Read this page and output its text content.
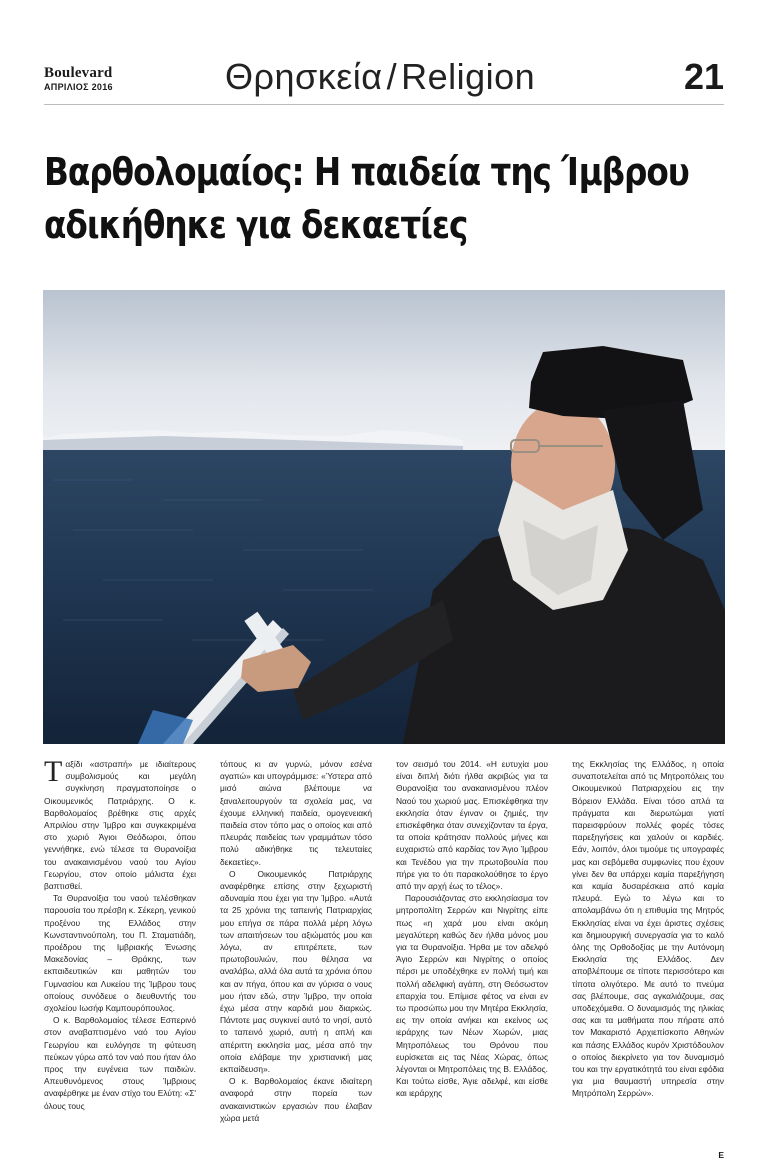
Boulevard
ΑΠΡΙΛΙΟΣ 2016	Θρησκεία / Religion	21
Βαρθολομαίος: Η παιδεία της Ίμβρου
αδικήθηκε για δεκαετίες

Ταξίδι «αστραπή» με ιδιαίτερους συμβολισμούς και μεγάλη συγκίνηση πραγματοποίησε ο Οικουμενικός Πατριάρχης. Ο κ. Βαρθολομαίος βρέθηκε στις αρχές Απριλίου στην Ίμβρο και συγκεκριμένα στο χωριό Άγιοι Θεόδωροι, όπου γεννήθηκε, ενώ τέλεσε τα Θυρανοίξια του ανακαινισμένου ναού του Αγίου Γεωργίου, στον οποίο μάλιστα έχει βαπτισθεί.

Τα Θυρανοίξια του ναού τελέσθηκαν παρουσία του πρέσβη κ. Σέκερη, γενικού προξένου της Ελλάδος στην Κωνσταντινούπολη, του Π. Σταματιάδη, προέδρου της Ιμβριακής Ένωσης Μακεδονίας – Θράκης, των εκπαιδευτικών και μαθητών του Γυμνασίου και Λυκείου της Ίμβρου τους οποίους συνόδευε ο διευθυντής του σχολείου Ιωσήφ Καμπουρόπουλος.

Ο κ. Βαρθολομαίος τέλεσε Εσπερινό στον αναβαπτισμένο ναό του Αγίου Γεωργίου και ευλόγησε τη φύτευση πεύκων γύρω από τον ναό που ήταν όλο προς την ευγένεια των παιδιών. Απευθυνόμενος στους Ίμβριους αναφέρθηκε με έναν στίχο του Ελύτη: «Σ' όλους τους

τόπους κι αν γυρνώ, μόνον εσένα αγαπώ» και υπογράμμισε: «Ύστερα από μισό αιώνα βλέπουμε να ξαναλειτουργούν τα σχολεία μας, να έχουμε ελληνική παιδεία, ομογενειακή παιδεία στον τόπο μας ο οποίος και από πλευράς παιδείας των γραμμάτων τόσο πολύ αδικήθηκε τις τελευταίες δεκαετίες».

Ο Οικουμενικός Πατριάρχης αναφέρθηκε επίσης στην ξεχωριστή αδυναμία που έχει για την Ίμβρο. «Αυτά τα 25 χρόνια της ταπεινής Πατριαρχίας μου επήγα σε πάρα πολλά μέρη λόγω των απαιτήσεων του αξιώματός μου και λόγω, αν επιτρέπετε, των πρωτοβουλιών, που θέλησα να αναλάβω, αλλά όλα αυτά τα χρόνια όπου και αν πήγα, όπου και αν γύρισα ο νους μου ήταν εδώ, στην Ίμβρο, την οποία έχω μέσα στην καρδιά μου διαρκώς. Πάντοτε μας συγκινεί αυτό το νησί, αυτό το ταπεινό χωριό, αυτή η απλή και απέριττη εκκλησία μας, μέσα από την οποία ελάβαμε την χριστιανική μας εκπαίδευση».

Ο κ. Βαρθολομαίος έκανε ιδιαίτερη αναφορά στην πορεία των ανακαινιστικών εργασιών που έλαβαν χώρα μετά

τον σεισμό του 2014. «Η ευτυχία μου είναι διπλή διότι ήλθα ακριβώς για τα Θυρανοίξια του ανακαινισμένου πλέον Ναού του χωριού μας. Επισκέφθηκα την εκκλησία όταν έγιναν οι ζημιές, την επισκέφθηκα όταν συνεχίζονταν τα έργα, τα οποία κράτησαν πολλούς μήνες και ευχαριστώ από καρδίας τον Άγιο Ίμβρου και Τενέδου για την πρωτοβουλία που πήρε για το ότι παρακολούθησε το έργο από την αρχή έως το τέλος».

Παρουσιάζοντας στο εκκλησίασμα τον μητροπολίτη Σερρών και Νιγρίτης είπε πως «η χαρά μου είναι ακόμη μεγαλύτερη καθώς δεν ήλθα μόνος μου για τα Θυρανοίξια. Ήρθα με τον αδελφό Άγιο Σερρών και Νιγρίτης ο οποίος πέρσι με υποδέχθηκε εν πολλή τιμή και πολλή αδελφική αγάπη, στη Θεόσωστον επαρχία του. Επίμισε φέτος να είναι εν τω προσώπω μου την Μητέρα Εκκλησία, εις την οποία ανήκει και εκείνος ως ιεράρχης των Νέων Χωρών, μιας Μητροπόλεως του Θρόνου που ευρίσκεται εις τας Νέας Χώρας, όπως λέγονται οι Μητροπόλεις της Β. Ελλάδος. Και τούτω είσθε, Άγιε αδελφέ, και είσθε και ιεράρχης

της Εκκλησίας της Ελλάδος, η οποία συναποτελείται από τις Μητροπόλεις του Οικουμενικού Πατριαρχείου εις την Βόρειον Ελλάδα. Είναι τόσο απλά τα πράγματα και διερωτώμαι γιατί παρεισφρύουν πολλές φορές τόσες παρεξηγήσεις και χαλούν οι καρδιές. Εάν, λοιπόν, όλοι τιμούμε τις υπογραφές μας και σεβόμεθα συμφωνίες που έχουν γίνει δεν θα υπάρχει καμία παρεξήγηση και καμία δυσαρέσκεια από καμία πλευρά. Εγώ το λέγω και το απολαμβάνω ότι η επιθυμία της Μητρός Εκκλησίας είναι να έχει άριστες σχέσεις και δημιουργική συνεργασία για το καλό όλης της Ορθοδοξίας με την Αυτόνομη Εκκλησία της Ελλάδος. Δεν αποβλέπουμε σε τίποτε περισσότερο και τίποτα ολιγότερο. Με αυτό το πνεύμα σας βλέπουμε, σας αγκαλιάζουμε, σας υποδεχόμεθα. Ο δυναμισμός της ηλικίας σας και τα μαθήματα που πήρατε από τον Μακαριστό Αρχιεπίσκοπο Αθηνών και πάσης Ελλάδος κυρόν Χριστόδουλον ο οποίος διεκρίνετο για τον δυναμισμό του και την εργατικότητά του είναι εφόδια για μια θαυμαστή υπηρεσία στην Μητρόπολη Σερρών».

Ε
